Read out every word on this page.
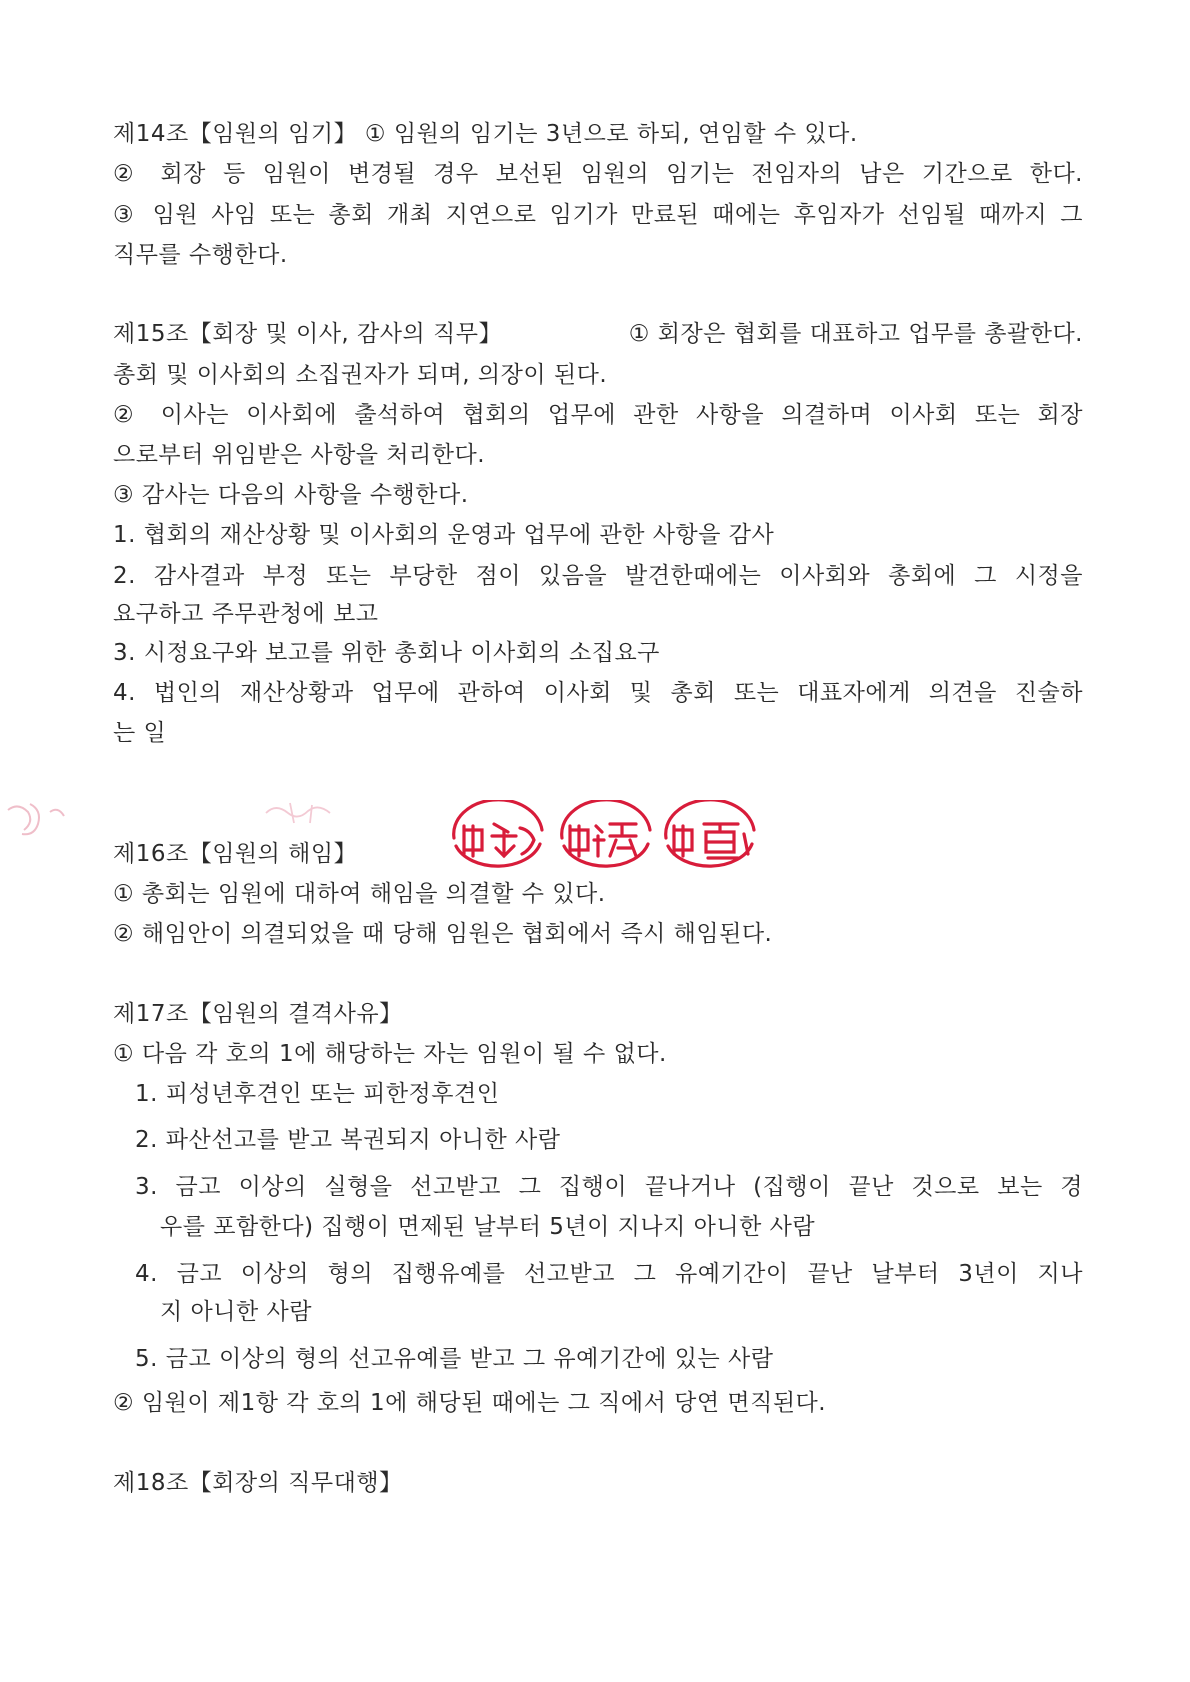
제14조【임원의 임기】 ① 임원의 임기는 3년으로 하되, 연임할 수 있다.
② 회장 등 임원이 변경될 경우 보선된 임원의 임기는 전임자의 남은 기간으로 한다.
③ 임원 사임 또는 총회 개최 지연으로 임기가 만료된 때에는 후임자가 선임될 때까지 그
직무를 수행한다.
제15조【회장 및 이사, 감사의 직무】	① 회장은 협회를 대표하고 업무를 총괄한다.
총회 및 이사회의 소집권자가 되며, 의장이 된다.
② 이사는 이사회에 출석하여 협회의 업무에 관한 사항을 의결하며 이사회 또는 회장
으로부터 위임받은 사항을 처리한다.
③ 감사는 다음의 사항을 수행한다.
1. 협회의 재산상황 및 이사회의 운영과 업무에 관한 사항을 감사
2. 감사결과 부정 또는 부당한 점이 있음을 발견한때에는 이사회와 총회에 그 시정을
요구하고 주무관청에 보고
3. 시정요구와 보고를 위한 총회나 이사회의 소집요구
4. 법인의 재산상황과 업무에 관하여 이사회 및 총회 또는 대표자에게 의견을 진술하
는 일
제16조【임원의 해임】
① 총회는 임원에 대하여 해임을 의결할 수 있다.
② 해임안이 의결되었을 때 당해 임원은 협회에서 즉시 해임된다.
제17조【임원의 결격사유】
① 다음 각 호의 1에 해당하는 자는 임원이 될 수 없다.
1. 피성년후견인 또는 피한정후견인
2. 파산선고를 받고 복권되지 아니한 사람
3. 금고 이상의 실형을 선고받고 그 집행이 끝나거나 (집행이 끝난 것으로 보는 경
우를 포함한다) 집행이 면제된 날부터 5년이 지나지 아니한 사람
4. 금고 이상의 형의 집행유예를 선고받고 그 유예기간이 끝난 날부터 3년이 지나
지 아니한 사람
5. 금고 이상의 형의 선고유예를 받고 그 유예기간에 있는 사람
② 임원이 제1항 각 호의 1에 해당된 때에는 그 직에서 당연 면직된다.
제18조【회장의 직무대행】
